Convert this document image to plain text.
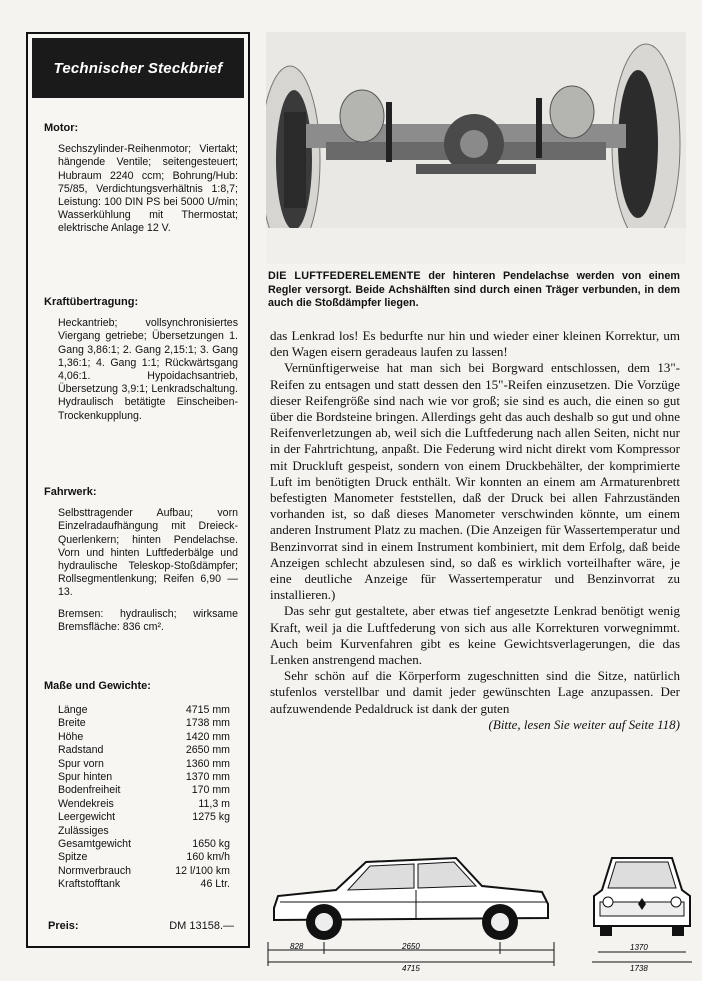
Technischer Steckbrief
Motor:
Sechszylinder-Reihenmotor; Viertakt; hängende Ventile; seitengesteuert; Hubraum 2240 ccm; Bohrung/Hub: 75/85, Verdichtungsverhältnis 1:8,7; Leistung: 100 DIN PS bei 5000 U/min; Wasserkühlung mit Thermostat; elektrische Anlage 12 V.
Kraftübertragung:
Heckantrieb; vollsynchronisiertes Viergang getriebe; Übersetzungen 1. Gang 3,86:1; 2. Gang 2,15:1; 3. Gang 1,36:1; 4. Gang 1:1; Rückwärtsgang 4,06:1. Hypoidachsantrieb, Übersetzung 3,9:1; Lenkradschaltung. Hydraulisch betätigte Einscheiben-Trockenkupplung.
Fahrwerk:
Selbsttragender Aufbau; vorn Einzelradaufhängung mit Dreieck-Querlenkern; hinten Pendelachse. Vorn und hinten Luftfederbälge und hydraulische Teleskop-Stoßdämpfer; Rollsegmentlenkung; Reifen 6,90 — 13.
Bremsen: hydraulisch; wirksame Bremsfläche: 836 cm².
Maße und Gewichte:
Länge	4715 mm
Breite	1738 mm
Höhe	1420 mm
Radstand	2650 mm
Spur vorn	1360 mm
Spur hinten	1370 mm
Bodenfreiheit	170 mm
Wendekreis	11,3 m
Leergewicht	1275 kg
Zulässiges
Gesamtgewicht	1650 kg
Spitze	160 km/h
Normverbrauch	12 l/100 km
Kraftstofftank	46 Ltr.
Preis:	DM 13158.—
DIE LUFTFEDERELEMENTE der hinteren Pendelachse werden von einem Regler versorgt. Beide Achshälften sind durch einen Träger verbunden, in dem auch die Stoßdämpfer liegen.

das Lenkrad los! Es bedurfte nur hin und wieder einer kleinen Korrektur, um den Wagen eisern geradeaus laufen zu lassen!

Vernünftigerweise hat man sich bei Borgward entschlossen, dem 13"-Reifen zu entsagen und statt dessen den 15"-Reifen einzusetzen. Die Vorzüge dieser Reifengröße sind nach wie vor groß; sie sind es auch, die einen so gut über die Bordsteine bringen. Allerdings geht das auch deshalb so gut und ohne Reifenverletzungen ab, weil sich die Luftfederung nach allen Seiten, nicht nur in der Fahrtrichtung, anpaßt. Die Federung wird nicht direkt vom Kompressor mit Druckluft gespeist, sondern von einem Druckbehälter, der komprimierte Luft im benötigten Druck enthält. Wir konnten an einem am Armaturenbrett befestigten Manometer feststellen, daß der Druck bei allen Fahrzuständen vorhanden ist, so daß dieses Manometer verschwinden könnte, um einem anderen Instrument Platz zu machen. (Die Anzeigen für Wassertemperatur und Benzinvorrat sind in einem Instrument kombiniert, mit dem Erfolg, daß beide Anzeigen schlecht abzulesen sind, so daß es wirklich vorteilhafter wäre, je eine deutliche Anzeige für Wassertemperatur und Benzinvorrat zu installieren.)

Das sehr gut gestaltete, aber etwas tief angesetzte Lenkrad benötigt wenig Kraft, weil ja die Luftfederung von sich aus alle Korrekturen vorwegnimmt. Auch beim Kurvenfahren gibt es keine Gewichtsverlagerungen, die das Lenken anstrengend machen.

Sehr schön auf die Körperform zugeschnitten sind die Sitze, natürlich stufenlos verstellbar und damit jeder gewünschten Lage anzupassen. Der aufzuwendende Pedaldruck ist dank der guten

(Bitte, lesen Sie weiter auf Seite 118)

828	2650
4715
1370
1738
